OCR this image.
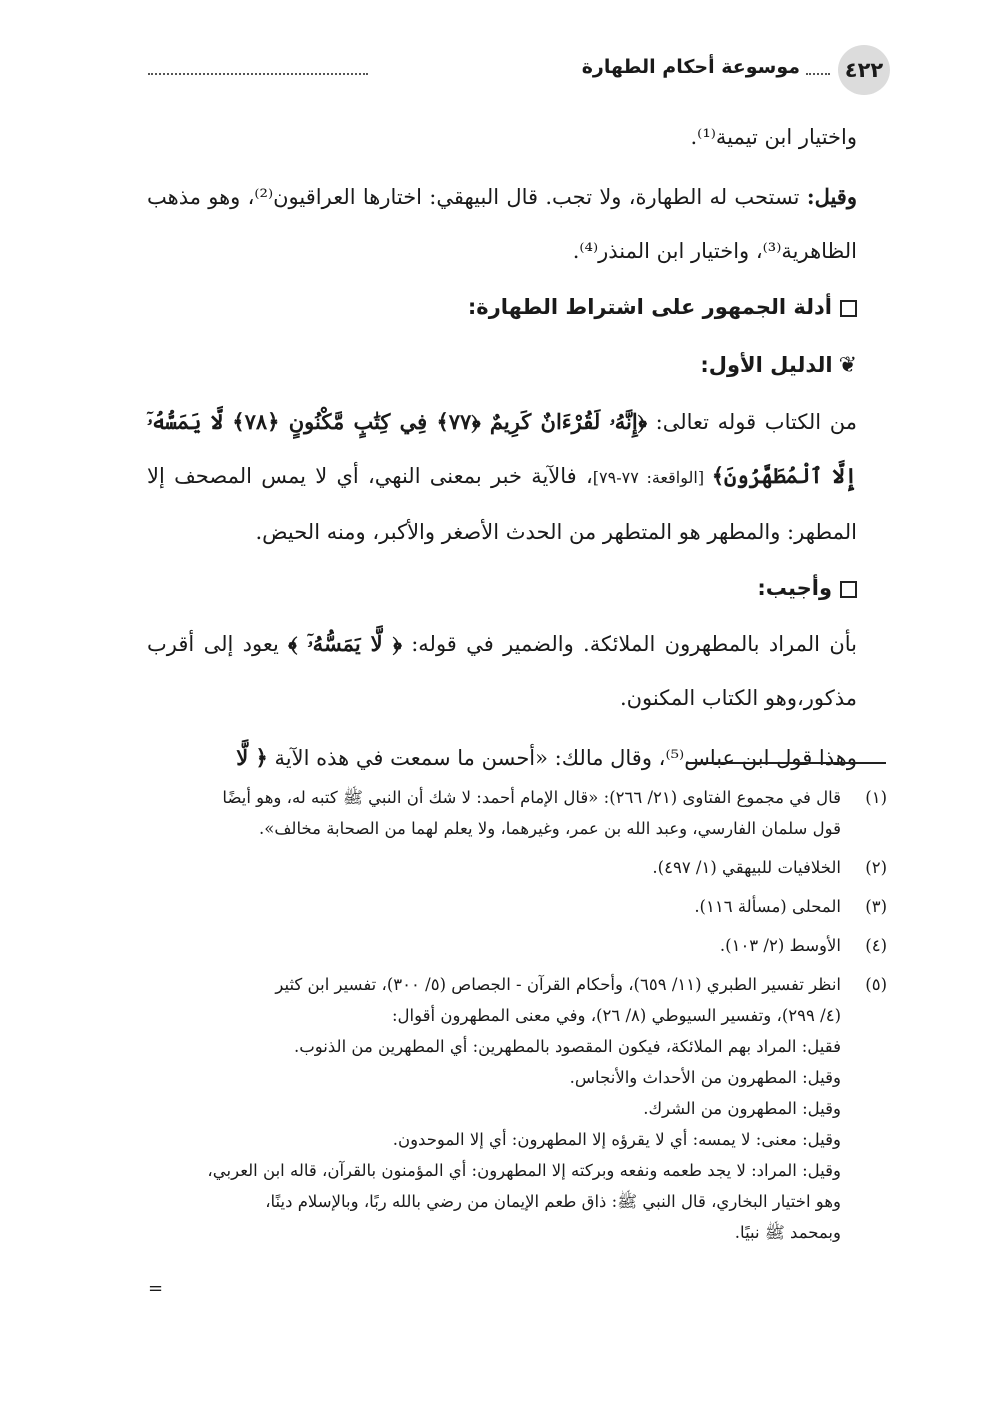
٤٢٢
موسوعة أحكام الطهارة

واختيار ابن تيمية⁽¹⁾.

وقيل: تستحب له الطهارة، ولا تجب. قال البيهقي: اختارها العراقيون⁽²⁾، وهو مذهب الظاهرية⁽³⁾، واختيار ابن المنذر⁽⁴⁾.

أدلة الجمهور على اشتراط الطهارة:

❦الدليل الأول:

من الكتاب قوله تعالى: ﴿إِنَّهُۥ لَقُرْءَانٌ كَرِيمٌ ﴿٧٧﴾ فِي كِتَٰبٍ مَّكْنُونٍ ﴿٧٨﴾ لَّا يَمَسُّهُۥٓ إِلَّا ٱلْمُطَهَّرُونَ﴾ [الواقعة: ٧٧-٧٩]، فالآية خبر بمعنى النهي، أي لا يمس المصحف إلا المطهر: والمطهر هو المتطهر من الحدث الأصغر والأكبر، ومنه الحيض.

وأجيب:

بأن المراد بالمطهرون الملائكة. والضمير في قوله: ﴿ لَّا يَمَسُّهُۥٓ ﴾ يعود إلى أقرب مذكور،وهو الكتاب المكنون.

وهذا قول ابن عباس⁽⁵⁾، وقال مالك: «أحسن ما سمعت في هذه الآية ﴿ لَّا

(١)
قال في مجموع الفتاوى (٢١/ ٢٦٦): «قال الإمام أحمد: لا شك أن النبي ﷺ كتبه له، وهو أيضًا
قول سلمان الفارسي، وعبد الله بن عمر، وغيرهما، ولا يعلم لهما من الصحابة مخالف».
(٢)
الخلافيات للبيهقي (١/ ٤٩٧).
(٣)
المحلى (مسألة ١١٦).
(٤)
الأوسط (٢/ ١٠٣).
(٥)
انظر تفسير الطبري (١١/ ٦٥٩)، وأحكام القرآن - الجصاص (٥/ ٣٠٠)، تفسير ابن كثير
(٤/ ٢٩٩)، وتفسير السيوطي (٨/ ٢٦)، وفي معنى المطهرون أقوال:
فقيل: المراد بهم الملائكة، فيكون المقصود بالمطهرين: أي المطهرين من الذنوب.
وقيل: المطهرون من الأحداث والأنجاس.
وقيل: المطهرون من الشرك.
وقيل: معنى: لا يمسه: أي لا يقرؤه إلا المطهرون: أي إلا الموحدون.
وقيل: المراد: لا يجد طعمه ونفعه وبركته إلا المطهرون: أي المؤمنون بالقرآن، قاله ابن العربي،
وهو اختيار البخاري، قال النبي ﷺ: ذاق طعم الإيمان من رضي بالله ربًا، وبالإسلام دينًا،
وبمحمد ﷺ نبيًا.
=
